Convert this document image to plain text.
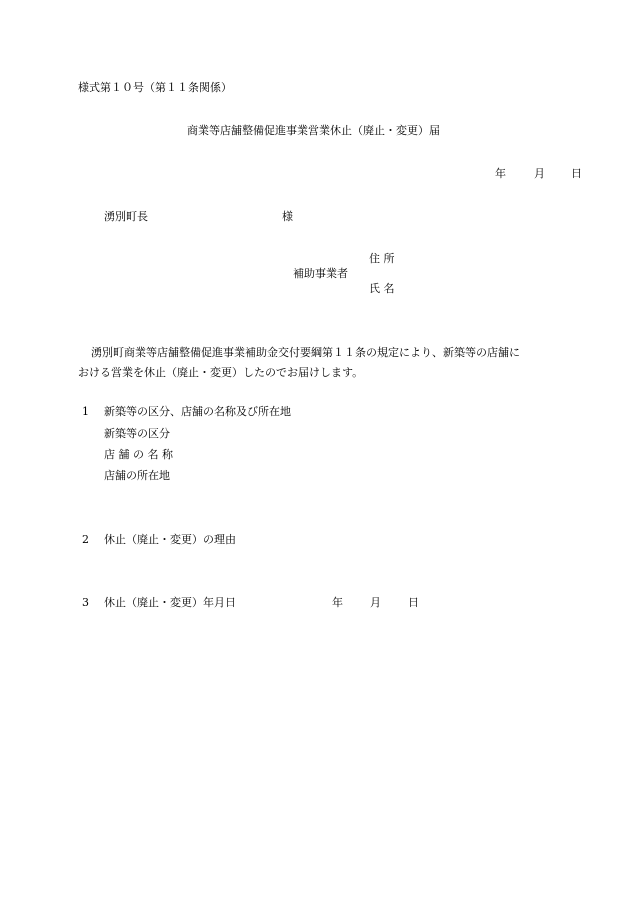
様式第１０号（第１１条関係）
商業等店舗整備促進事業営業休止（廃止・変更）届
年	月 日
湧別町長	様
住 所
補助事業者
氏 名
湧別町商業等店舗整備促進事業補助金交付要綱第１１条の規定により、新築等の店舗に
おける営業を休止（廃止・変更）したのでお届けします。
1 新築等の区分、店舗の名称及び所在地
新築等の区分
店 舗 の 名 称
店舗の所在地
2 休止（廃止・変更）の理由
3 休止（廃止・変更）年月日	年 月 日
